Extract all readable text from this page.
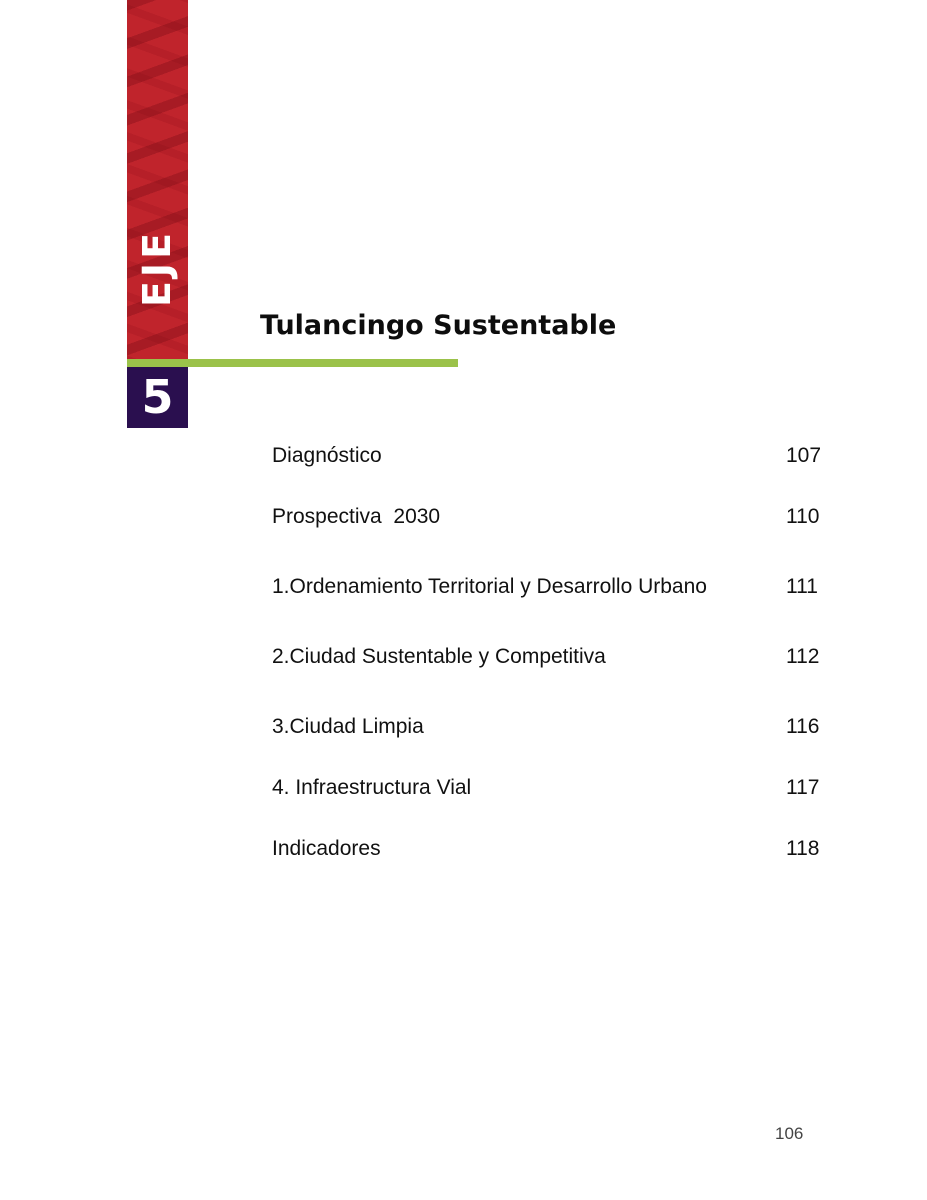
EJE
5
Tulancingo Sustentable
Diagnóstico	107
Prospectiva  2030	110
1.Ordenamiento Territorial y Desarrollo Urbano	111
2.Ciudad Sustentable y Competitiva	112
3.Ciudad Limpia	116
4. Infraestructura Vial	117
Indicadores	118
106
